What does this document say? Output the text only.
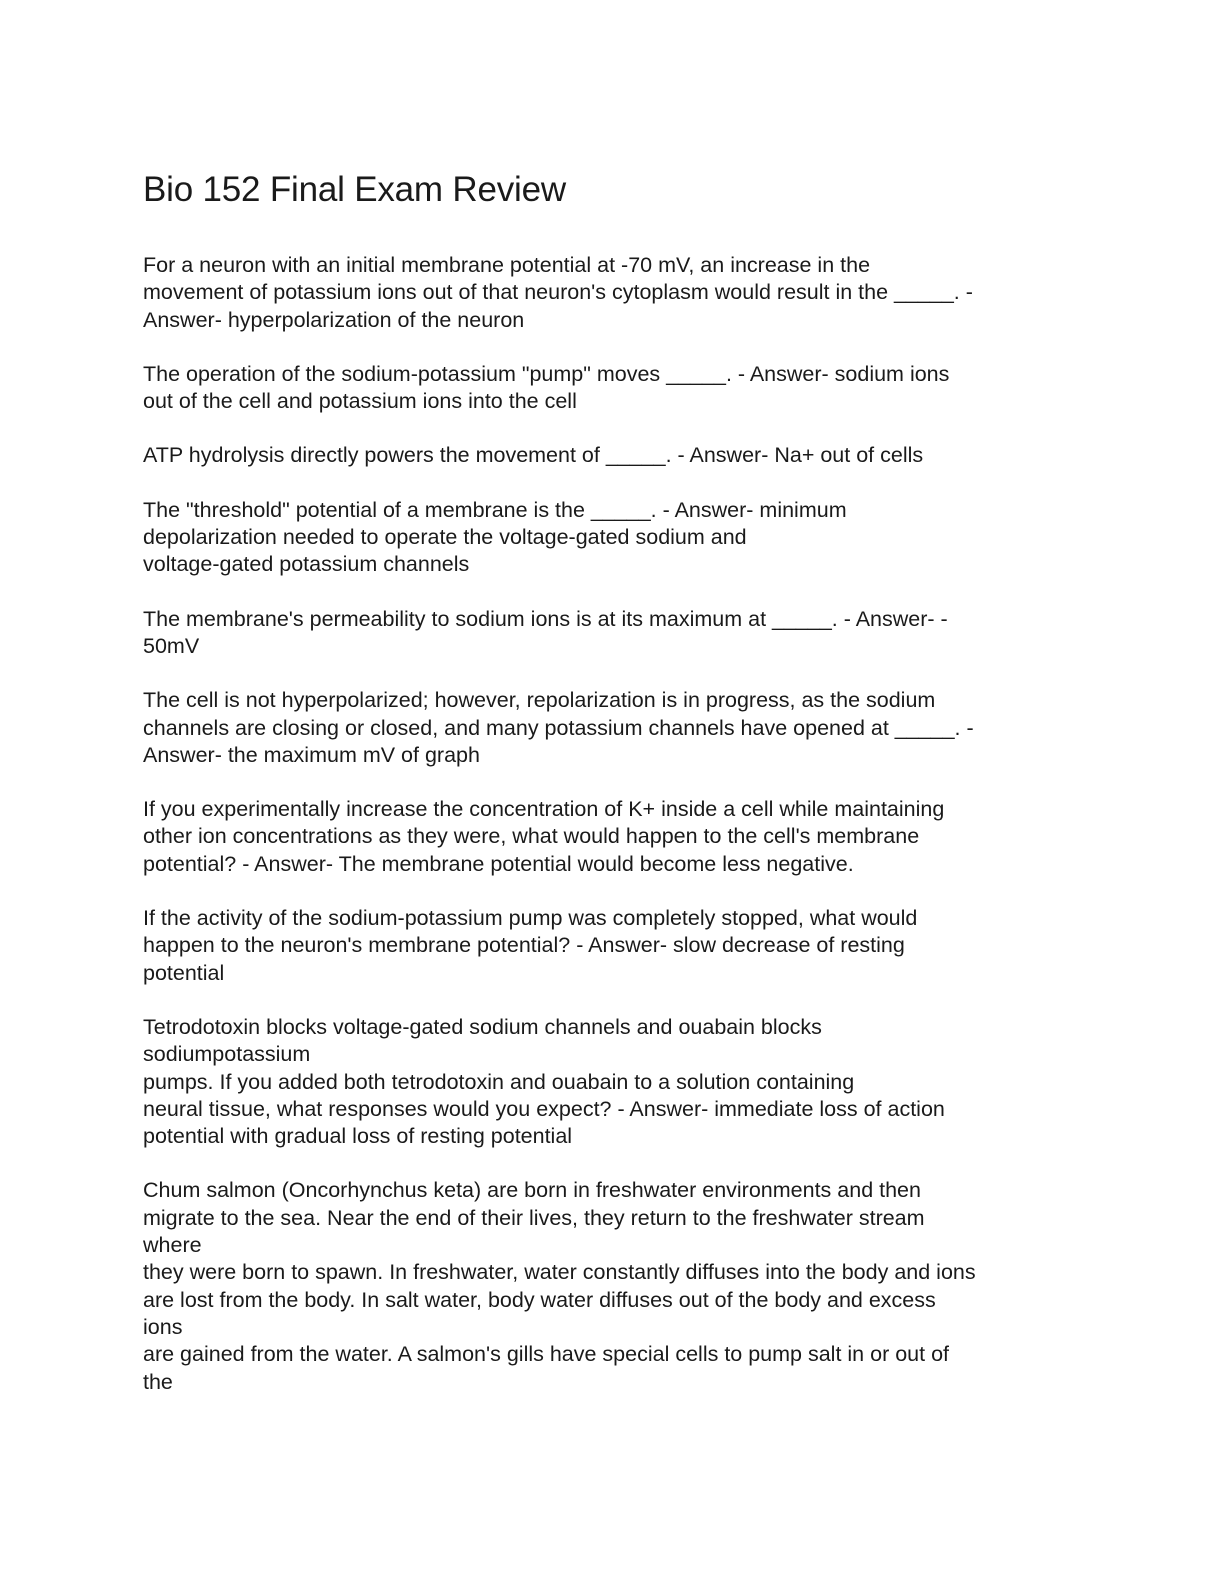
Bio 152 Final Exam Review
For a neuron with an initial membrane potential at -70 mV, an increase in the
movement of potassium ions out of that neuron's cytoplasm would result in the _____. -
Answer- hyperpolarization of the neuron
The operation of the sodium-potassium "pump" moves _____. - Answer- sodium ions
out of the cell and potassium ions into the cell
ATP hydrolysis directly powers the movement of _____. - Answer- Na+ out of cells
The "threshold" potential of a membrane is the _____. - Answer- minimum
depolarization needed to operate the voltage-gated sodium and
voltage-gated potassium channels
The membrane's permeability to sodium ions is at its maximum at _____. - Answer- -
50mV
The cell is not hyperpolarized; however, repolarization is in progress, as the sodium
channels are closing or closed, and many potassium channels have opened at _____. -
Answer- the maximum mV of graph
If you experimentally increase the concentration of K+ inside a cell while maintaining
other ion concentrations as they were, what would happen to the cell's membrane
potential? - Answer- The membrane potential would become less negative.
If the activity of the sodium-potassium pump was completely stopped, what would
happen to the neuron's membrane potential? - Answer- slow decrease of resting
potential
Tetrodotoxin blocks voltage-gated sodium channels and ouabain blocks
sodiumpotassium
pumps. If you added both tetrodotoxin and ouabain to a solution containing
neural tissue, what responses would you expect? - Answer- immediate loss of action
potential with gradual loss of resting potential
Chum salmon (Oncorhynchus keta) are born in freshwater environments and then
migrate to the sea. Near the end of their lives, they return to the freshwater stream
where
they were born to spawn. In freshwater, water constantly diffuses into the body and ions
are lost from the body. In salt water, body water diffuses out of the body and excess
ions
are gained from the water. A salmon's gills have special cells to pump salt in or out of
the
